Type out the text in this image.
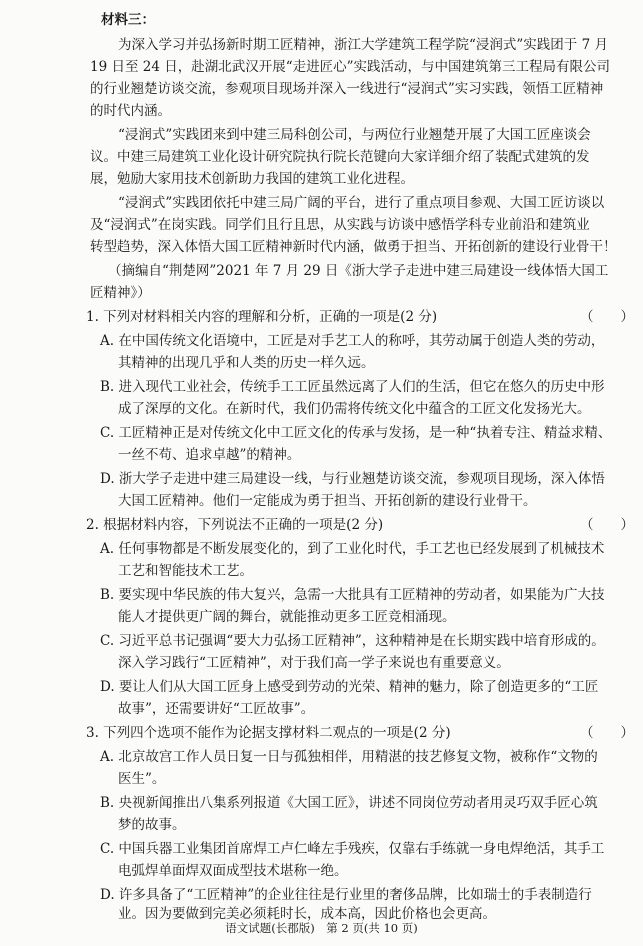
材料三：
为深入学习并弘扬新时期工匠精神，浙江大学建筑工程学院“浸润式”实践团于 7 月
19 日至 24 日，赴湖北武汉开展“走进匠心”实践活动，与中国建筑第三工程局有限公司
的行业翘楚访谈交流，参观项目现场并深入一线进行“浸润式”实习实践，领悟工匠精神
的时代内涵。
“浸润式”实践团来到中建三局科创公司，与两位行业翘楚开展了大国工匠座谈会
议。中建三局建筑工业化设计研究院执行院长范键向大家详细介绍了装配式建筑的发
展，勉励大家用技术创新助力我国的建筑工业化进程。
“浸润式”实践团依托中建三局广阔的平台，进行了重点项目参观、大国工匠访谈以
及“浸润式”在岗实践。同学们且行且思，从实践与访谈中感悟学科专业前沿和建筑业
转型趋势，深入体悟大国工匠精神新时代内涵，做勇于担当、开拓创新的建设行业骨干！
（摘编自“荆楚网”2021 年 7 月 29 日《浙大学子走进中建三局建设一线体悟大国工
匠精神》）
1. 下列对材料相关内容的理解和分析，正确的一项是(2 分)	（　　）
A. 在中国传统文化语境中，工匠是对手艺工人的称呼，其劳动属于创造人类的劳动，
其精神的出现几乎和人类的历史一样久远。
B. 进入现代工业社会，传统手工工匠虽然远离了人们的生活，但它在悠久的历史中形
成了深厚的文化。在新时代，我们仍需将传统文化中蕴含的工匠文化发扬光大。
C. 工匠精神正是对传统文化中工匠文化的传承与发扬，是一种“执着专注、精益求精、
一丝不苟、追求卓越”的精神。
D. 浙大学子走进中建三局建设一线，与行业翘楚访谈交流，参观项目现场，深入体悟
大国工匠精神。他们一定能成为勇于担当、开拓创新的建设行业骨干。
2. 根据材料内容，下列说法不正确的一项是(2 分)	（　　）
A. 任何事物都是不断发展变化的，到了工业化时代，手工艺也已经发展到了机械技术
工艺和智能技术工艺。
B. 要实现中华民族的伟大复兴，急需一大批具有工匠精神的劳动者，如果能为广大技
能人才提供更广阔的舞台，就能推动更多工匠竞相涌现。
C. 习近平总书记强调“要大力弘扬工匠精神”，这种精神是在长期实践中培育形成的。
深入学习践行“工匠精神”，对于我们高一学子来说也有重要意义。
D. 要让人们从大国工匠身上感受到劳动的光荣、精神的魅力，除了创造更多的“工匠
故事”，还需要讲好“工匠故事”。
3. 下列四个选项不能作为论据支撑材料二观点的一项是(2 分)	（　　）
A. 北京故宫工作人员日复一日与孤独相伴，用精湛的技艺修复文物，被称作“文物的
医生”。
B. 央视新闻推出八集系列报道《大国工匠》，讲述不同岗位劳动者用灵巧双手匠心筑
梦的故事。
C. 中国兵器工业集团首席焊工卢仁峰左手残疾，仅靠右手练就一身电焊绝活，其手工
电弧焊单面焊双面成型技术堪称一绝。
D. 许多具备了“工匠精神”的企业往往是行业里的奢侈品牌，比如瑞士的手表制造行
业。因为要做到完美必须耗时长，成本高，因此价格也会更高。
语文试题(长郡版)　第 2 页(共 10 页)
